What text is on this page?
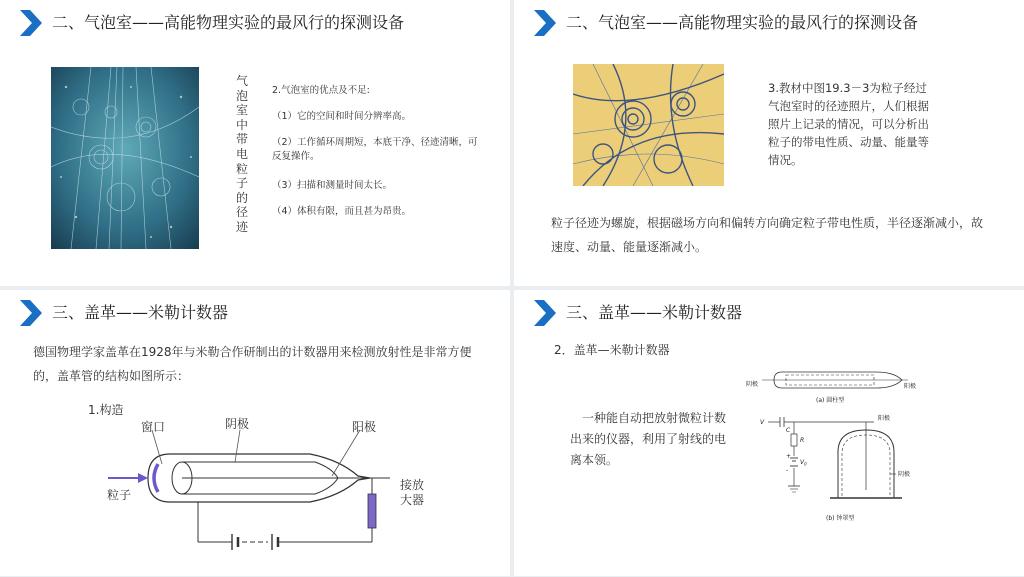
二、气泡室——高能物理实验的最风行的探测设备
气泡室中带电粒子的径迹
2.气泡室的优点及不足:
（1）它的空间和时间分辨率高。
（2）工作循环周期短，本底干净、径迹清晰，可反复操作。
（3）扫描和测量时间太长。
（4）体积有限，而且甚为昂贵。
二、气泡室——高能物理实验的最风行的探测设备
3.教材中图19.3－3为粒子经过气泡室时的径迹照片，人们根据照片上记录的情况，可以分析出粒子的带电性质、动量、能量等情况。
粒子径迹为螺旋，根据磁场方向和偏转方向确定粒子带电性质，半径逐渐减小，故速度、动量、能量逐渐减小。
三、盖革——米勒计数器
德国物理学家盖革在1928年与米勒合作研制出的计数器用来检测放射性是非常方便的，盖革管的结构如图所示：
1.构造
窗口	阴极	阳极
粒子
接放大器
三、盖革——米勒计数器
2．盖革—米勒计数器
一种能自动把放射微粒计数出来的仪器，利用了射线的电离本领。
阴极	阳极
(a) 圆柱型
V
C
阳极
R
+
$V_0$
-
阴极
(b) 钟罩型
